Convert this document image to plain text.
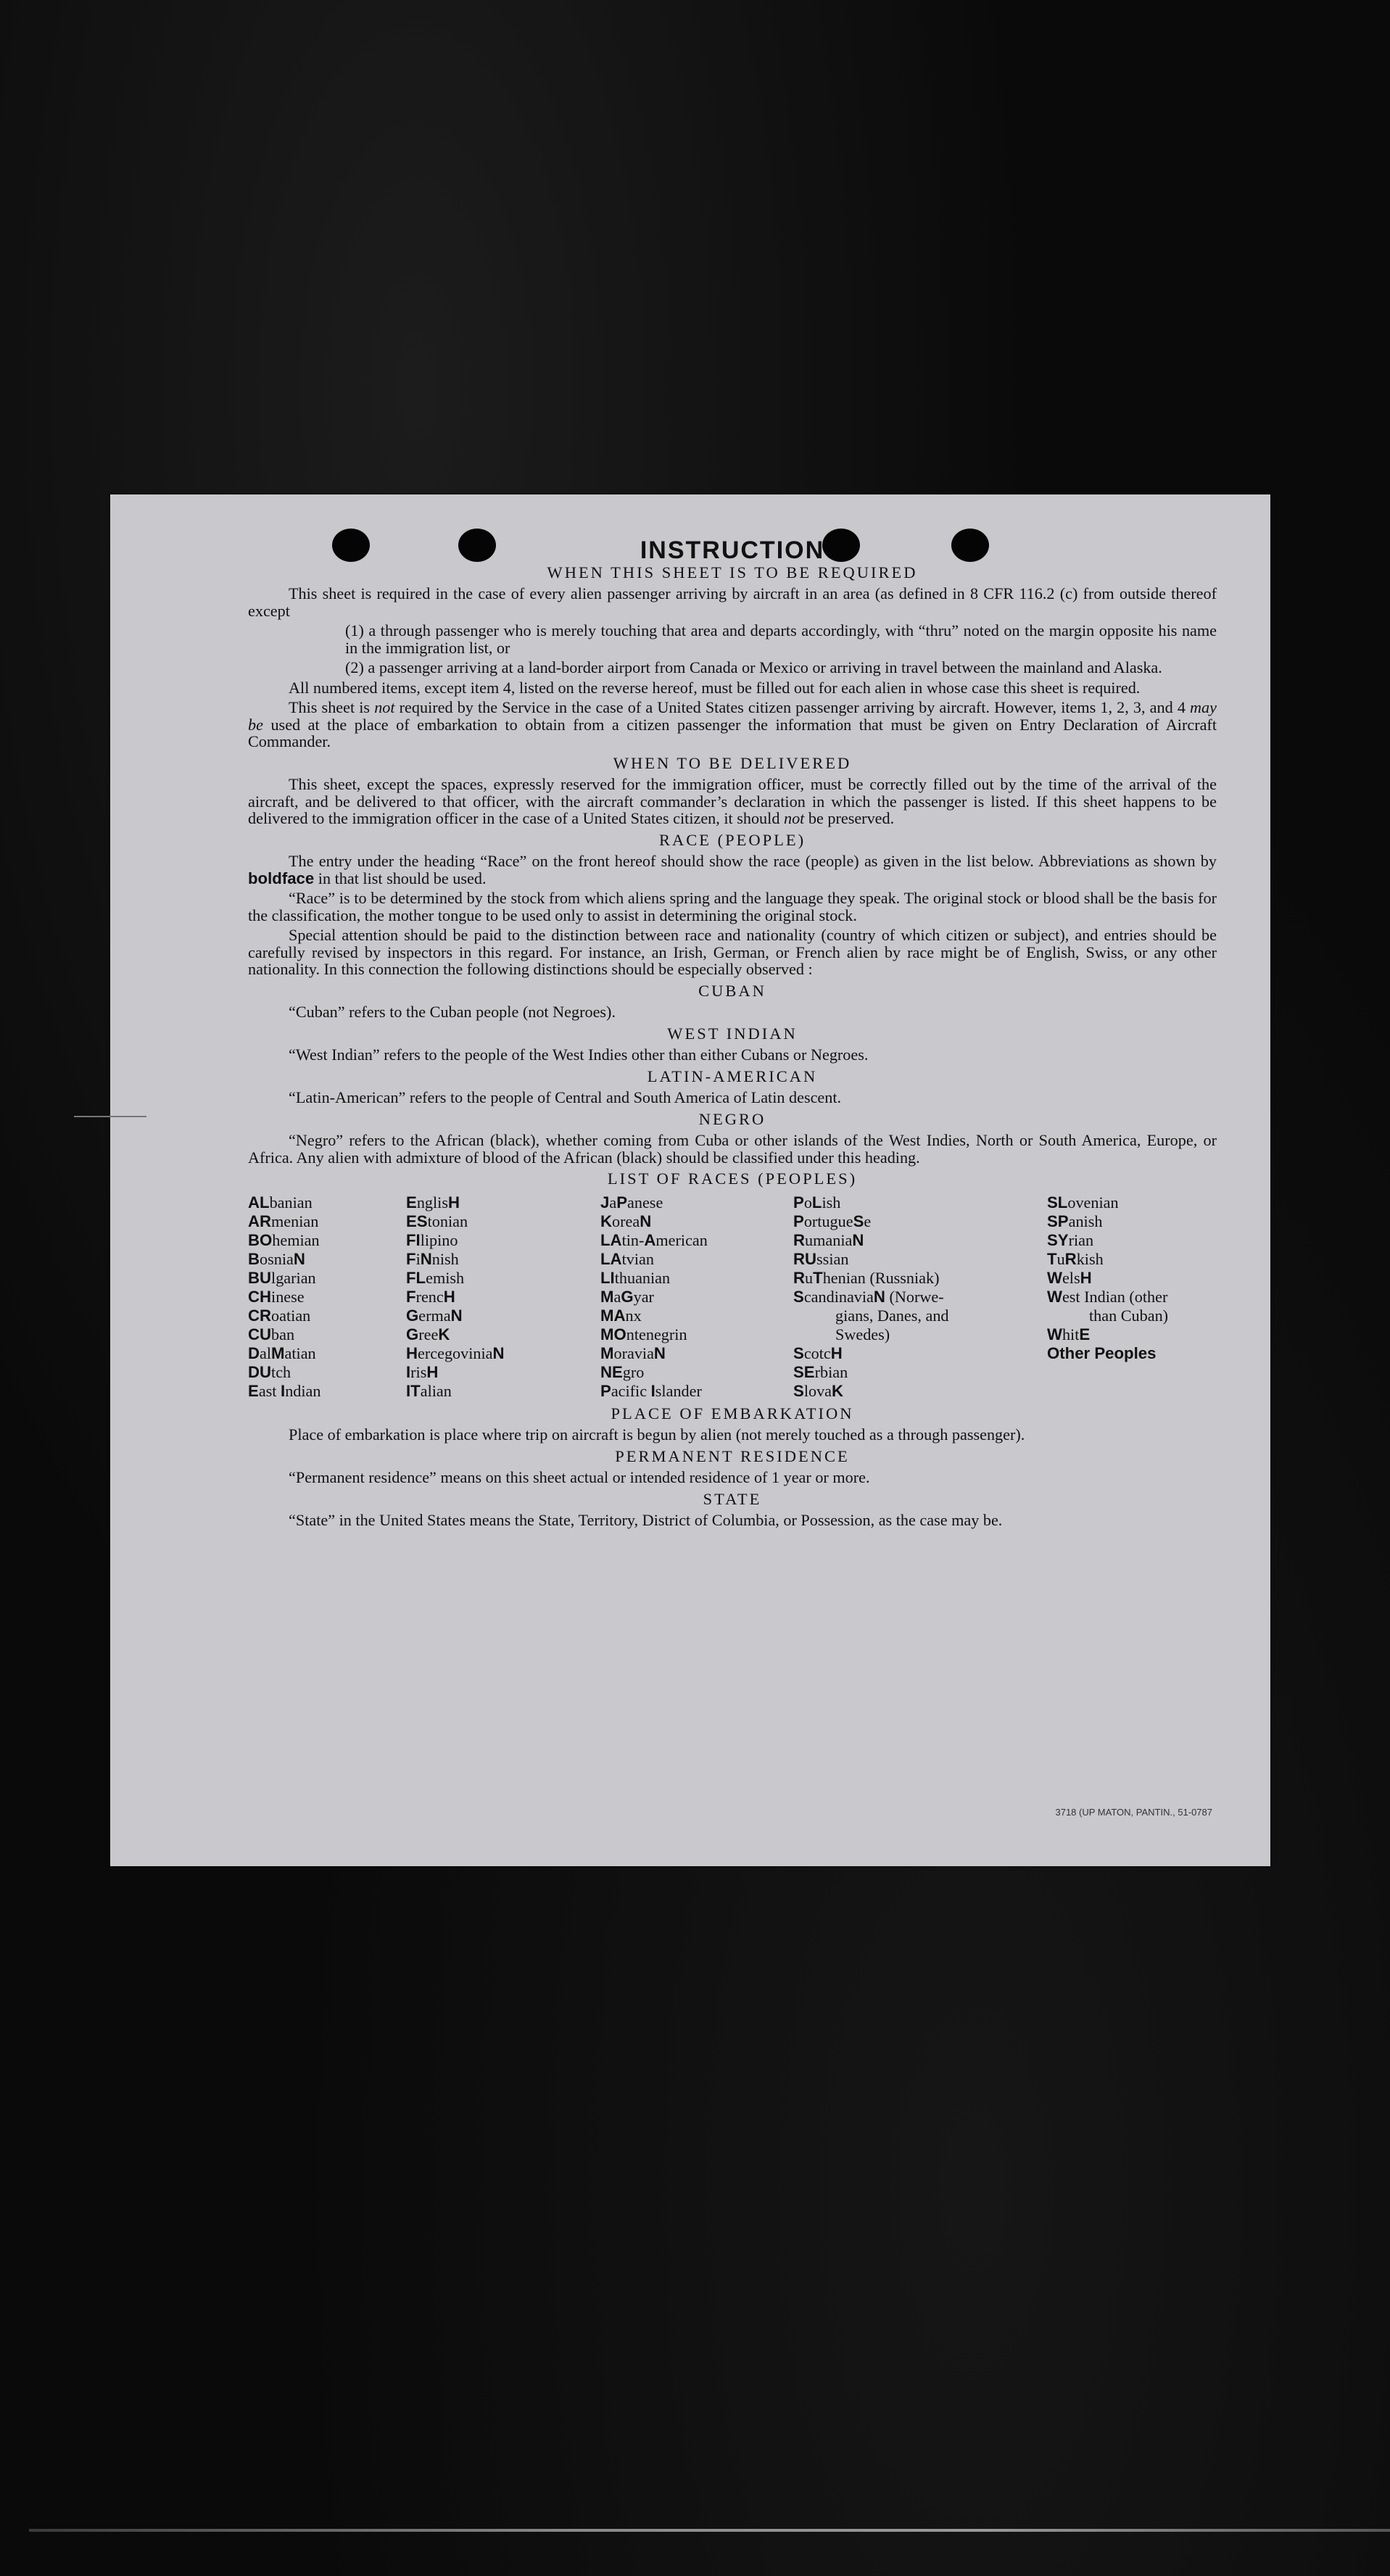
INSTRUCTION
WHEN THIS SHEET IS TO BE REQUIRED

This sheet is required in the case of every alien passenger arriving by aircraft in an area (as defined in 8 CFR 116.2 (c) from outside thereof except

(1) a through passenger who is merely touching that area and departs accordingly, with “thru” noted on the margin opposite his name in the immigration list, or

(2) a passenger arriving at a land-border airport from Canada or Mexico or arriving in travel between the mainland and Alaska.

All numbered items, except item 4, listed on the reverse hereof, must be filled out for each alien in whose case this sheet is required.

This sheet is not required by the Service in the case of a United States citizen passenger arriving by aircraft. However, items 1, 2, 3, and 4 may be used at the place of embarkation to obtain from a citizen passenger the information that must be given on Entry Declaration of Aircraft Commander.

WHEN TO BE DELIVERED

This sheet, except the spaces, expressly reserved for the immigration officer, must be correctly filled out by the time of the arrival of the aircraft, and be delivered to that officer, with the aircraft commander’s declaration in which the passenger is listed. If this sheet happens to be delivered to the immigration officer in the case of a United States citizen, it should not be preserved.

RACE (PEOPLE)

The entry under the heading “Race” on the front hereof should show the race (people) as given in the list below. Abbreviations as shown by boldface in that list should be used.

“Race” is to be determined by the stock from which aliens spring and the language they speak. The original stock or blood shall be the basis for the classification, the mother tongue to be used only to assist in determining the original stock.

Special attention should be paid to the distinction between race and nationality (country of which citizen or subject), and entries should be carefully revised by inspectors in this regard. For instance, an Irish, German, or French alien by race might be of English, Swiss, or any other nationality. In this connection the following distinctions should be especially observed :

CUBAN

“Cuban” refers to the Cuban people (not Negroes).

WEST INDIAN

“West Indian” refers to the people of the West Indies other than either Cubans or Negroes.

LATIN-AMERICAN

“Latin-American” refers to the people of Central and South America of Latin descent.

NEGRO

“Negro” refers to the African (black), whether coming from Cuba or other islands of the West Indies, North or South America, Europe, or Africa. Any alien with admixture of blood of the African (black) should be classified under this heading.

LIST OF RACES (PEOPLES)
ALbanian
ARmenian
BOhemian
BosniaN
BUlgarian
CHinese
CRoatian
CUban
DalMatian
DUtch
East Indian
EnglisH
EStonian
FIlipino
FiNnish
FLemish
FrencH
GermaN
GreeK
HercegoviniaN
IrisH
ITalian
JaPanese
KoreaN
LAtin-American
LAtvian
LIthuanian
MaGyar
MAnx
MOntenegrin
MoraviaN
NEgro
Pacific Islander
PoLish
PortugueSe
RumaniaN
RUssian
RuThenian (Russniak)
ScandinaviaN (Norwe-
gians, Danes, and
Swedes)
ScotcH
SErbian
SlovaK
SLovenian
SPanish
SYrian
TuRkish
WelsH
West Indian (other
than Cuban)
WhitE
Other Peoples
PLACE OF EMBARKATION

Place of embarkation is place where trip on aircraft is begun by alien (not merely touched as a through passenger).

PERMANENT RESIDENCE

“Permanent residence” means on this sheet actual or intended residence of 1 year or more.

STATE

“State” in the United States means the State, Territory, District of Columbia, or Possession, as the case may be.

3718 (UP MATON, PANTIN., 51-0787
